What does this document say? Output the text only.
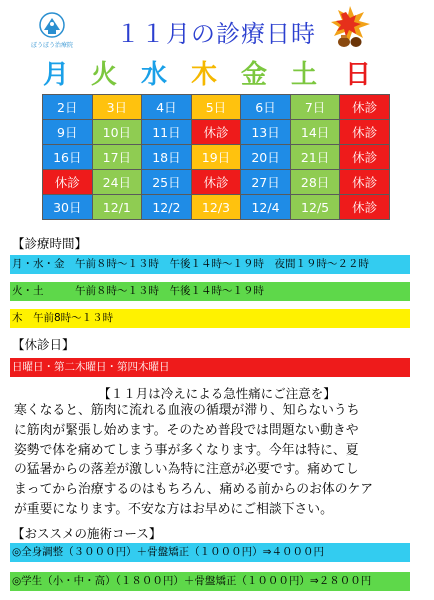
ぼうぼう治療院 １１月の診療日時
月 火 水 木 金 土 日
2日	3日	4日	5日	6日	7日	休診
9日	10日	11日	休診	13日	14日	休診
16日	17日	18日	19日	20日	21日	休診
休診	24日	25日	休診	27日	28日	休診
30日	12/1	12/2	12/3	12/4	12/5	休診
【診療時間】
月・水・金　午前８時～１３時　午後１４時～１９時　夜間１９時～２２時
火・土　　　午前８時～１３時　午後１４時～１９時
木　午前8時～１３時
【休診日】
日曜日・第二木曜日・第四木曜日
【１１月は冷えによる急性痛にご注意を】

寒くなると、筋肉に流れる血液の循環が滞り、知らないうち

に筋肉が緊張し始めます。そのため普段では問題ない動きや

姿勢で体を痛めてしまう事が多くなります。今年は特に、夏

の猛暑からの落差が激しい為特に注意が必要です。痛めてし

まってから治療するのはもちろん、痛める前からのお体のケア

が重要になります。不安な方はお早めにご相談下さい。

【おススメの施術コース】
◎全身調整（３０００円）＋骨盤矯正（１０００円）⇒４０００円
◎学生（小・中・高）（１８００円）＋骨盤矯正（１０００円）⇒２８００円
